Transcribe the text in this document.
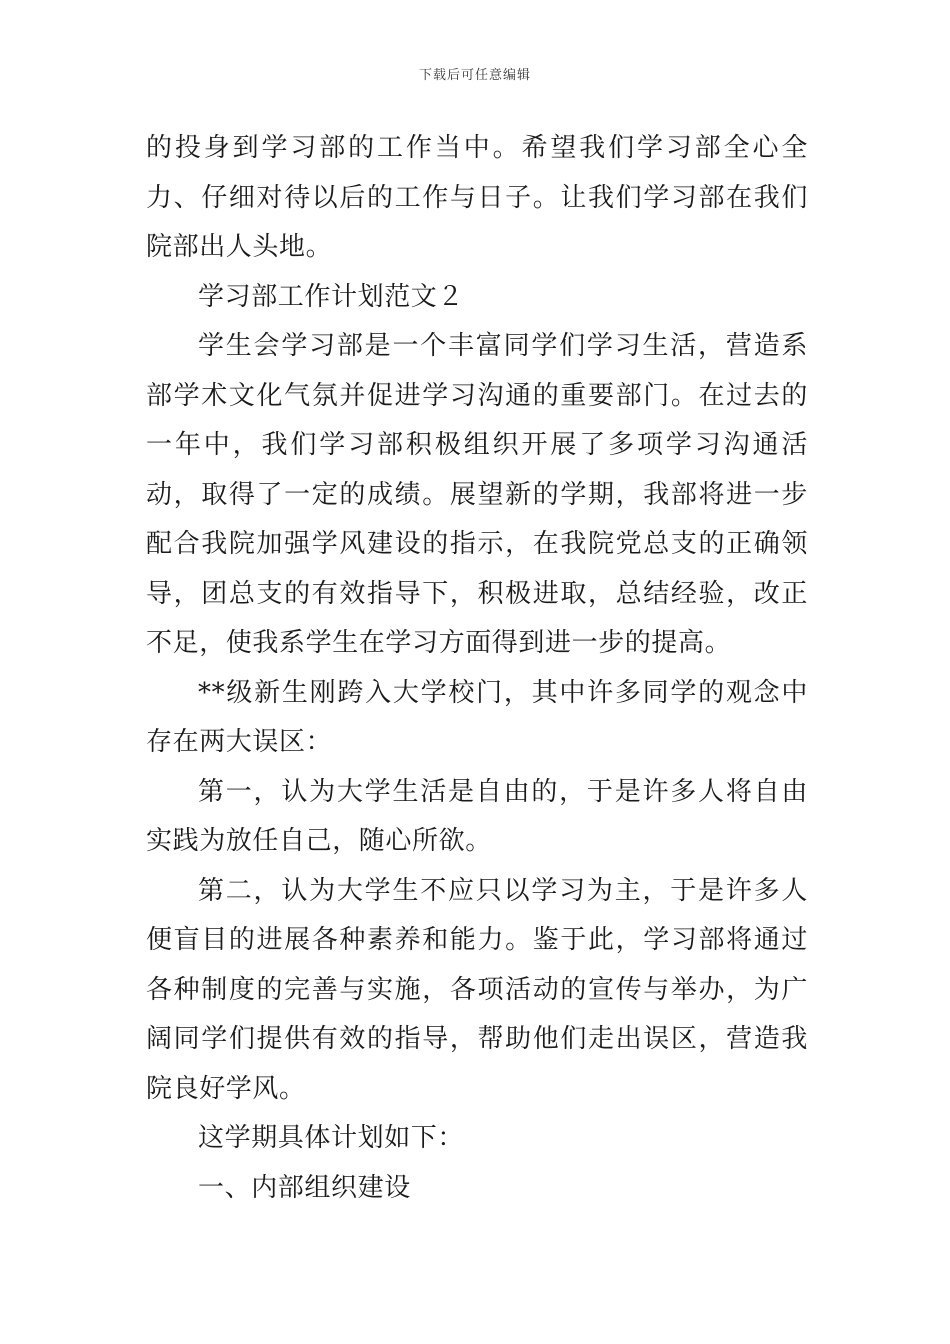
下载后可任意编辑

的投身到学习部的工作当中。希望我们学习部全心全力、仔细对待以后的工作与日子。让我们学习部在我们院部出人头地。

学习部工作计划范文２

学生会学习部是一个丰富同学们学习生活，营造系部学术文化气氛并促进学习沟通的重要部门。在过去的一年中，我们学习部积极组织开展了多项学习沟通活动，取得了一定的成绩。展望新的学期，我部将进一步配合我院加强学风建设的指示，在我院党总支的正确领导，团总支的有效指导下，积极进取，总结经验，改正不足，使我系学生在学习方面得到进一步的提高。

**级新生刚跨入大学校门，其中许多同学的观念中存在两大误区：

第一，认为大学生活是自由的，于是许多人将自由实践为放任自己，随心所欲。

第二，认为大学生不应只以学习为主，于是许多人便盲目的进展各种素养和能力。鉴于此，学习部将通过各种制度的完善与实施，各项活动的宣传与举办，为广阔同学们提供有效的指导，帮助他们走出误区，营造我院良好学风。

这学期具体计划如下：

一、内部组织建设
